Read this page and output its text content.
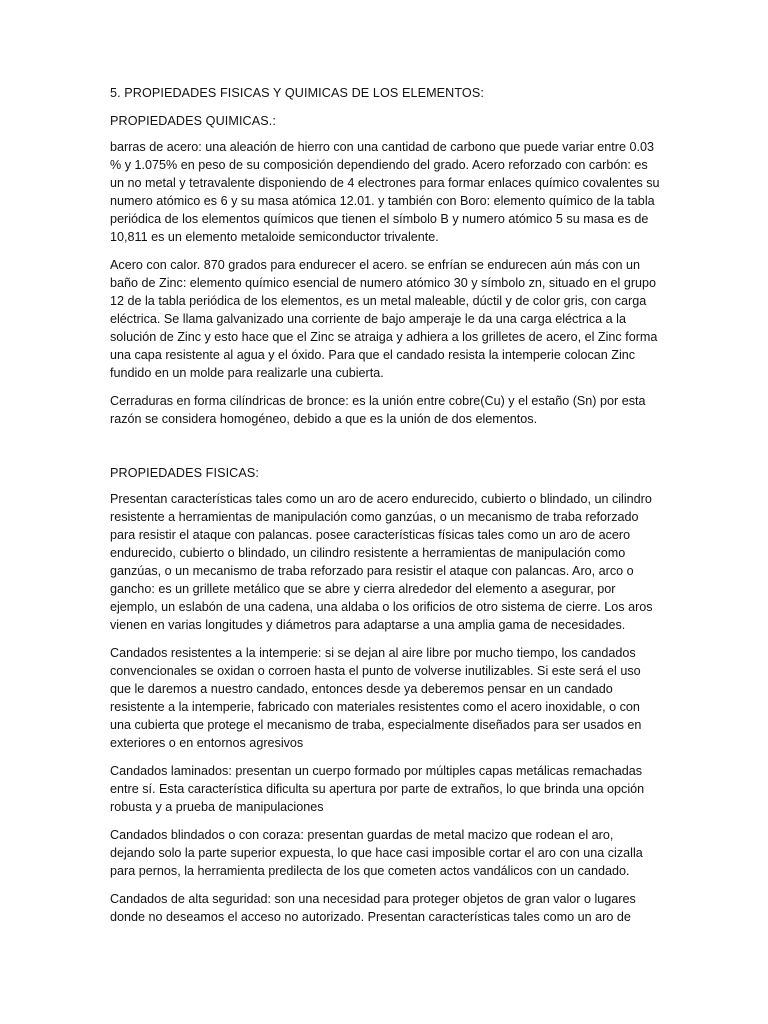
5. PROPIEDADES FISICAS Y QUIMICAS DE LOS ELEMENTOS:
PROPIEDADES QUIMICAS.:

barras de acero: una aleación de hierro con una cantidad de carbono que puede variar entre 0.03 % y 1.075% en peso de su composición dependiendo del grado. Acero reforzado con carbón: es un no metal y tetravalente disponiendo de 4 electrones para formar enlaces químico covalentes su numero atómico es 6 y su masa atómica 12.01. y también con Boro: elemento químico de la tabla periódica de los elementos químicos que tienen el símbolo B y numero atómico 5 su masa es de 10,811 es un elemento metaloide semiconductor trivalente.

Acero con calor. 870 grados para endurecer el acero. se enfrían se endurecen aún más con un baño de Zinc: elemento químico esencial de numero atómico 30 y símbolo zn, situado en el grupo 12 de la tabla periódica de los elementos, es un metal maleable, dúctil y de color gris, con carga eléctrica. Se llama galvanizado una corriente de bajo amperaje le da una carga eléctrica a la solución de Zinc y esto hace que el Zinc se atraiga y adhiera a los grilletes de acero, el Zinc forma una capa resistente al agua y el óxido. Para que el candado resista la intemperie colocan Zinc fundido en un molde para realizarle una cubierta.

Cerraduras en forma cilíndricas de bronce: es la unión entre cobre(Cu) y el estaño (Sn) por esta razón se considera homogéneo, debido a que es la unión de dos elementos.

PROPIEDADES FISICAS:

Presentan características tales como un aro de acero endurecido, cubierto o blindado, un cilindro resistente a herramientas de manipulación como ganzúas, o un mecanismo de traba reforzado para resistir el ataque con palancas. posee características físicas tales como un aro de acero endurecido, cubierto o blindado, un cilindro resistente a herramientas de manipulación como ganzúas, o un mecanismo de traba reforzado para resistir el ataque con palancas. Aro, arco o gancho: es un grillete metálico que se abre y cierra alrededor del elemento a asegurar, por ejemplo, un eslabón de una cadena, una aldaba o los orificios de otro sistema de cierre. Los aros vienen en varias longitudes y diámetros para adaptarse a una amplia gama de necesidades.

Candados resistentes a la intemperie: si se dejan al aire libre por mucho tiempo, los candados convencionales se oxidan o corroen hasta el punto de volverse inutilizables. Si este será el uso que le daremos a nuestro candado, entonces desde ya deberemos pensar en un candado resistente a la intemperie, fabricado con materiales resistentes como el acero inoxidable, o con una cubierta que protege el mecanismo de traba, especialmente diseñados para ser usados en exteriores o en entornos agresivos

Candados laminados: presentan un cuerpo formado por múltiples capas metálicas remachadas entre sí. Esta característica dificulta su apertura por parte de extraños, lo que brinda una opción robusta y a prueba de manipulaciones

Candados blindados o con coraza: presentan guardas de metal macizo que rodean el aro, dejando solo la parte superior expuesta, lo que hace casi imposible cortar el aro con una cizalla para pernos, la herramienta predilecta de los que cometen actos vandálicos con un candado.

Candados de alta seguridad: son una necesidad para proteger objetos de gran valor o lugares donde no deseamos el acceso no autorizado. Presentan características tales como un aro de
